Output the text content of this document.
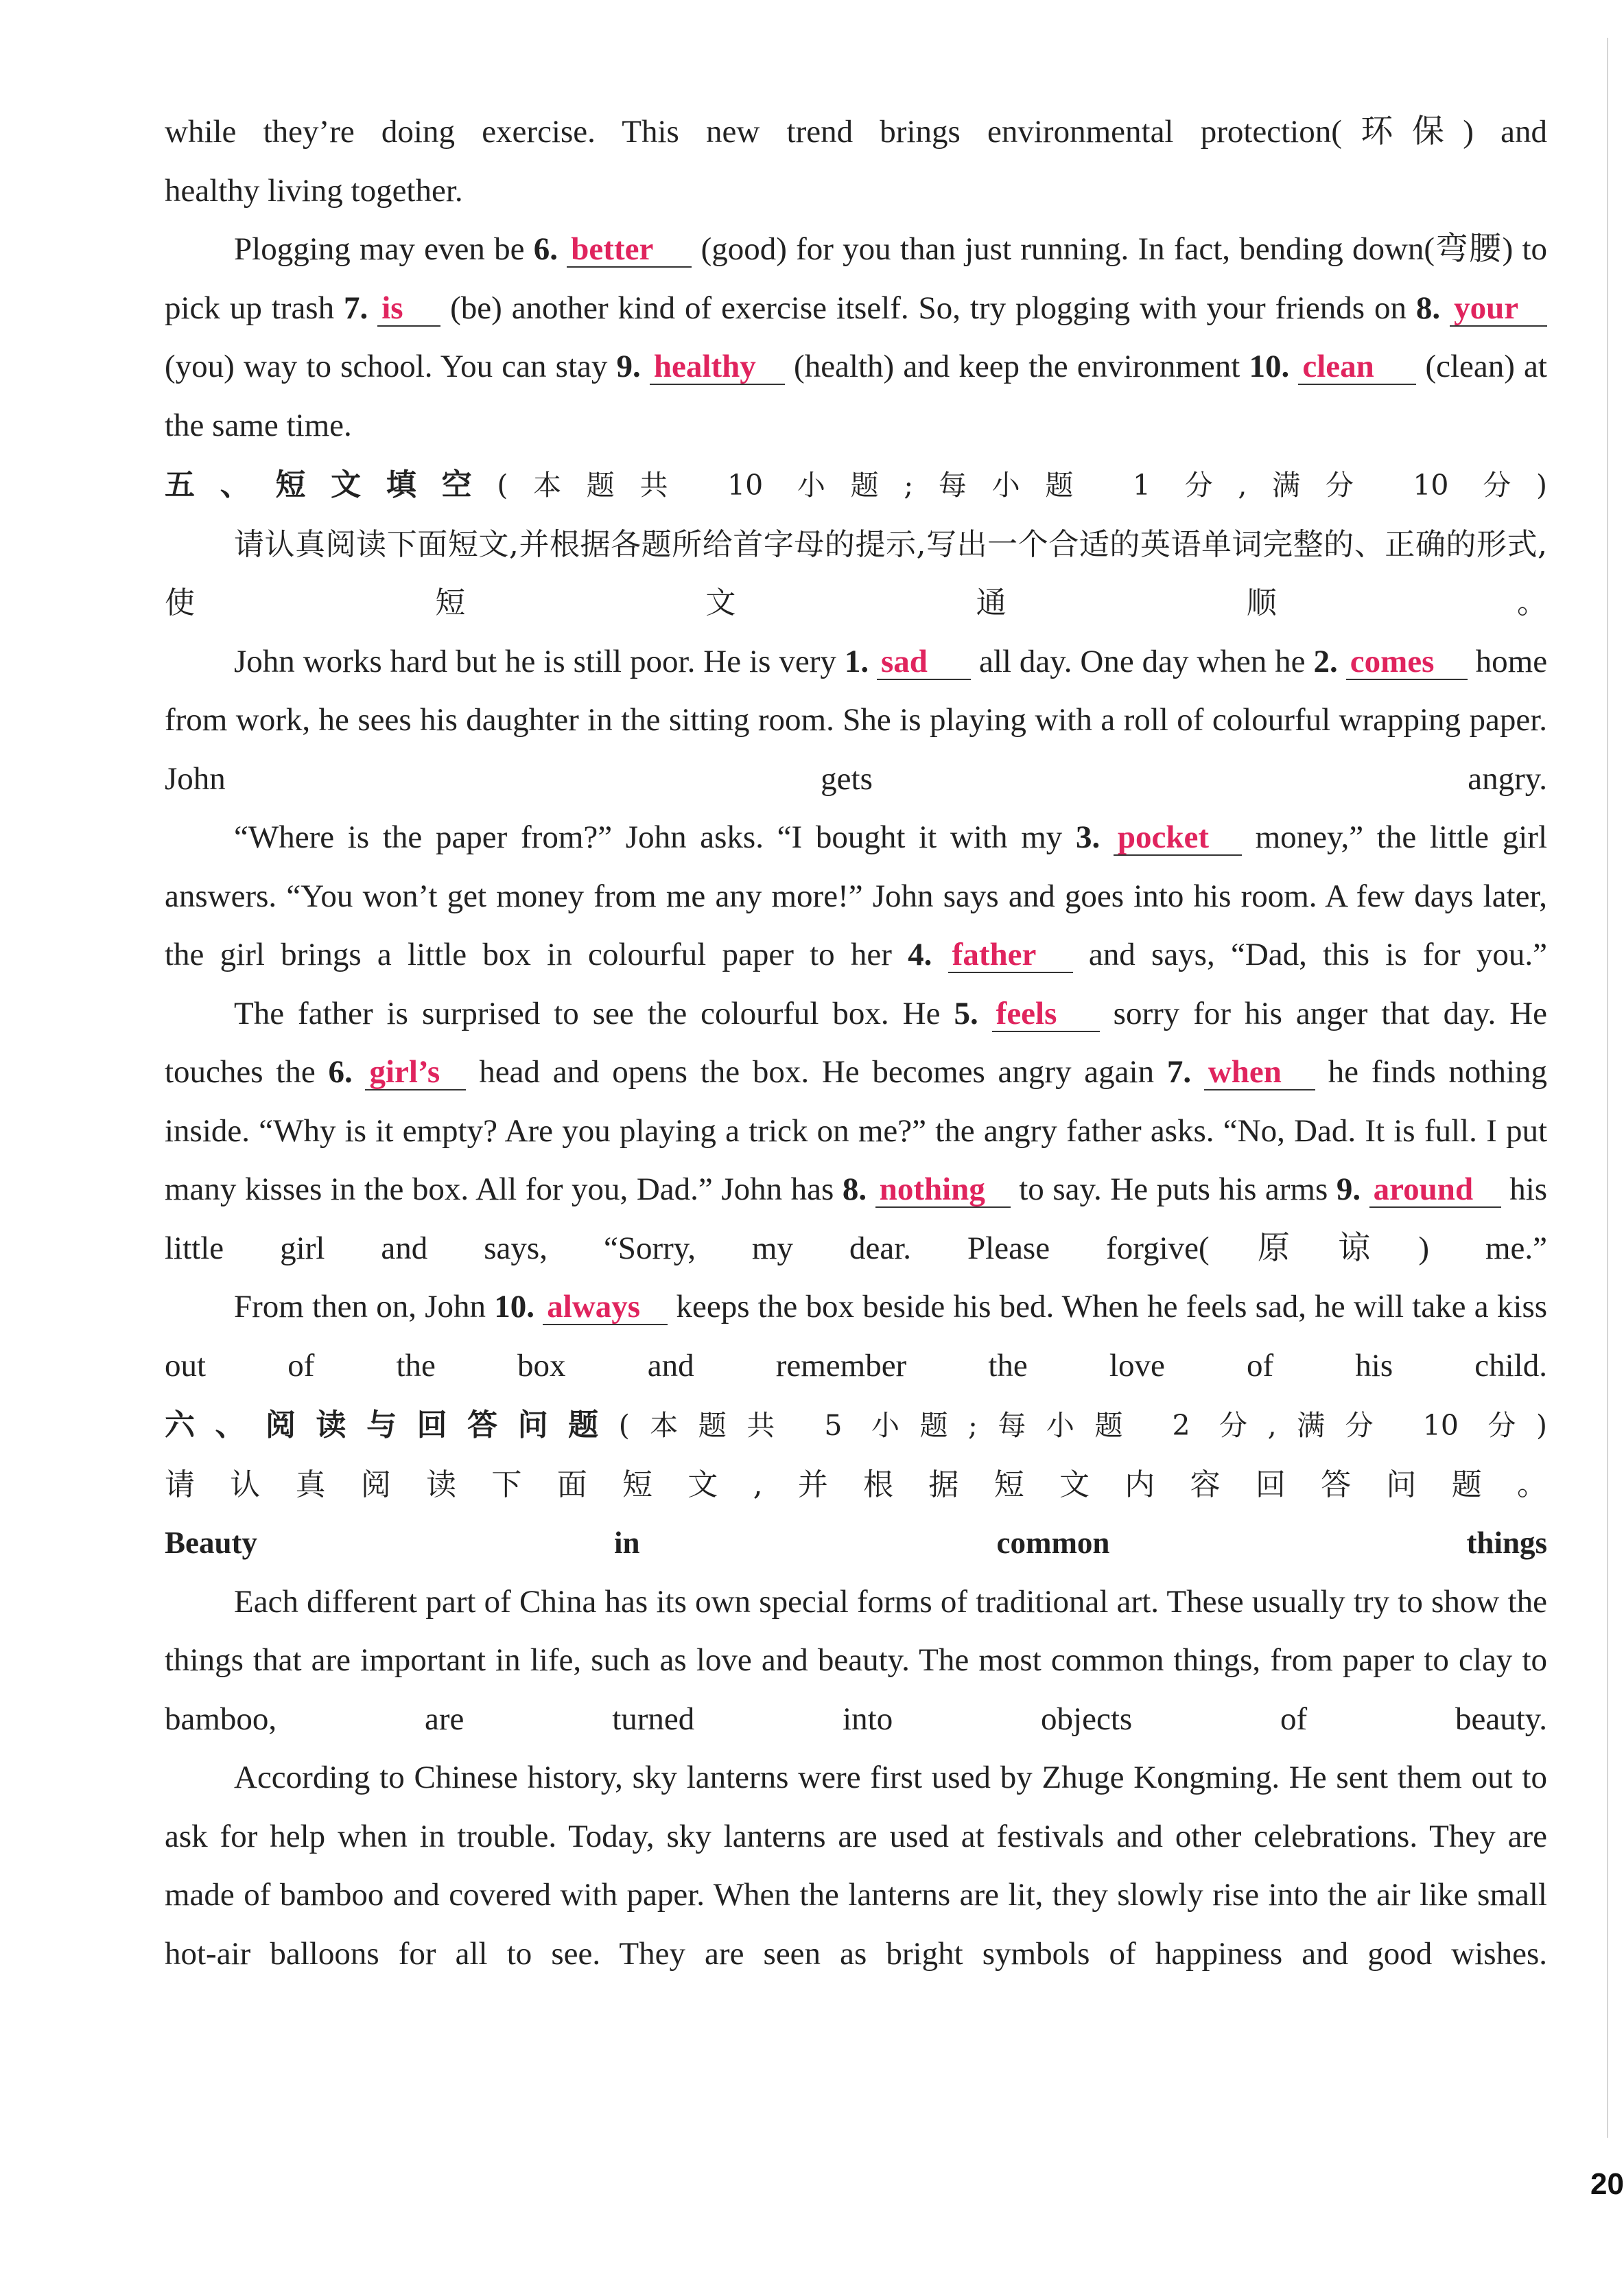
while they’re doing exercise. This new trend brings environmental protection(环保) and

healthy living together.

Plogging may even be 6. better (good) for you than just running. In fact, bending down(弯腰) to pick up trash 7. is (be) another kind of exercise itself. So, try plogging with your friends on 8. your (you) way to school. You can stay 9. healthy (health) and keep the environment 10. clean (clean) at the same time.

五、短文填空(本题共 10 小题;每小题 1 分,满分 10 分)

请认真阅读下面短文,并根据各题所给首字母的提示,写出一个合适的英语单词完整的、正确的形式,使短文通顺。

John works hard but he is still poor. He is very 1. sad all day. One day when he 2. comes home from work, he sees his daughter in the sitting room. She is playing with a roll of colourful wrapping paper. John gets angry.

“Where is the paper from?” John asks. “I bought it with my 3. pocket money,” the little girl answers. “You won’t get money from me any more!” John says and goes into his room. A few days later, the girl brings a little box in colourful paper to her 4. father and says, “Dad, this is for you.”

The father is surprised to see the colourful box. He 5. feels sorry for his anger that day. He touches the 6. girl’s head and opens the box. He becomes angry again 7. when he finds nothing inside. “Why is it empty? Are you playing a trick on me?” the angry father asks. “No, Dad. It is full. I put many kisses in the box. All for you, Dad.” John has 8. nothing to say. He puts his arms 9. around his little girl and says, “Sorry, my dear. Please forgive(原谅) me.”

From then on, John 10. always keeps the box beside his bed. When he feels sad, he will take a kiss out of the box and remember the love of his child.

六、阅读与回答问题(本题共 5 小题;每小题 2 分,满分 10 分)

请认真阅读下面短文,并根据短文内容回答问题。

Beauty in common things

Each different part of China has its own special forms of traditional art. These usually try to show the things that are important in life, such as love and beauty. The most common things, from paper to clay to bamboo, are turned into objects of beauty.

According to Chinese history, sky lanterns were first used by Zhuge Kongming. He sent them out to ask for help when in trouble. Today, sky lanterns are used at festivals and other celebrations. They are made of bamboo and covered with paper. When the lanterns are lit, they slowly rise into the air like small hot-air balloons for all to see. They are seen as bright symbols of happiness and good wishes.

20
